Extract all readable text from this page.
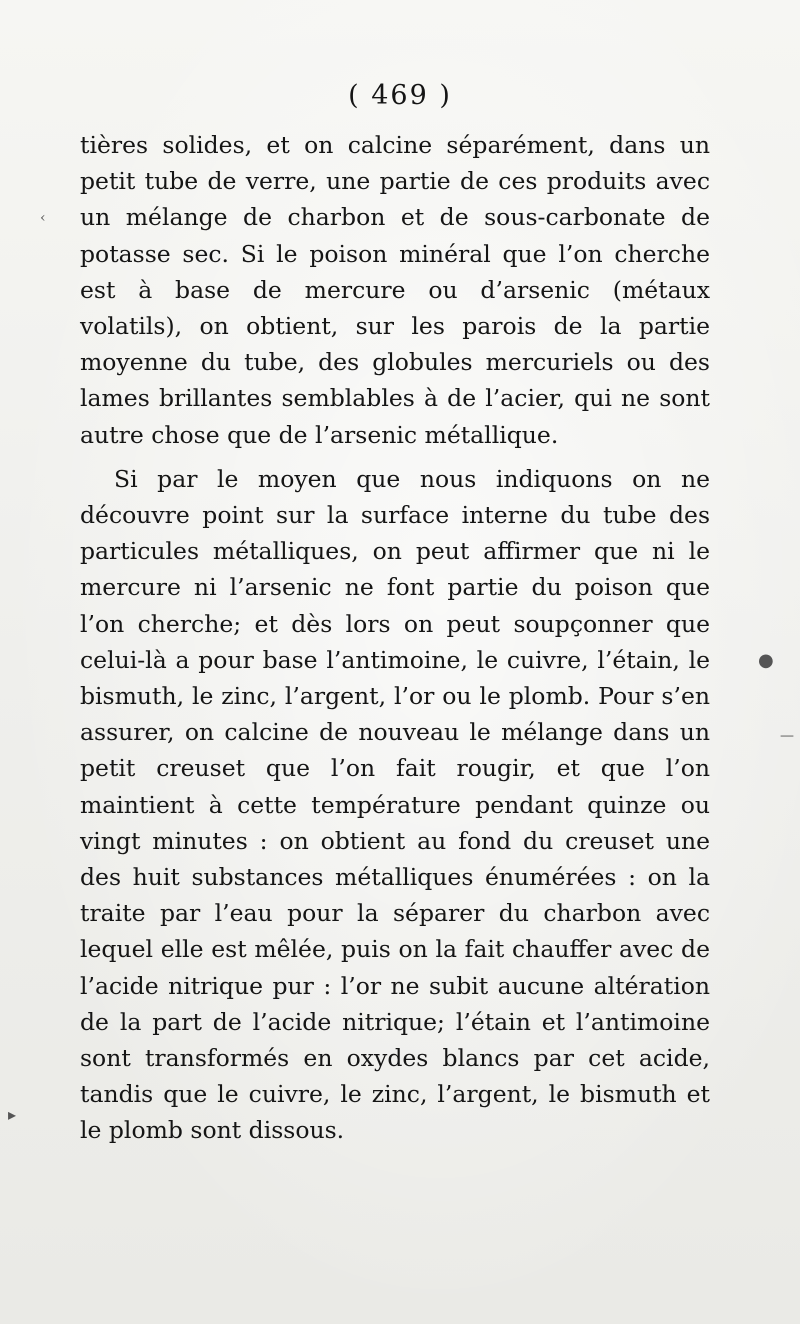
( 469 )

tières solides, et on calcine séparément, dans un petit tube de verre, une partie de ces produits avec un mélange de charbon et de sous-carbonate de potasse sec. Si le poison minéral que l’on cherche est à base de mercure ou d’arsenic (métaux volatils), on obtient, sur les parois de la partie moyenne du tube, des globules mercuriels ou des lames brillantes semblables à de l’acier, qui ne sont autre chose que de l’arsenic métallique.

Si par le moyen que nous indiquons on ne découvre point sur la surface interne du tube des particules métalliques, on peut affirmer que ni le mercure ni l’arsenic ne font partie du poison que l’on cherche; et dès lors on peut soupçonner que celui-là a pour base l’antimoine, le cuivre, l’étain, le bismuth, le zinc, l’argent, l’or ou le plomb. Pour s’en assurer, on calcine de nouveau le mélange dans un petit creuset que l’on fait rougir, et que l’on maintient à cette température pendant quinze ou vingt minutes : on obtient au fond du creuset une des huit substances métalliques énumérées : on la traite par l’eau pour la séparer du charbon avec lequel elle est mêlée, puis on la fait chauffer avec de l’acide nitrique pur : l’or ne subit aucune altération de la part de l’acide nitrique; l’étain et l’antimoine sont transformés en oxydes blancs par cet acide, tandis que le cuivre, le zinc, l’argent, le bismuth et le plomb sont dissous.

●
—
‹
▸
